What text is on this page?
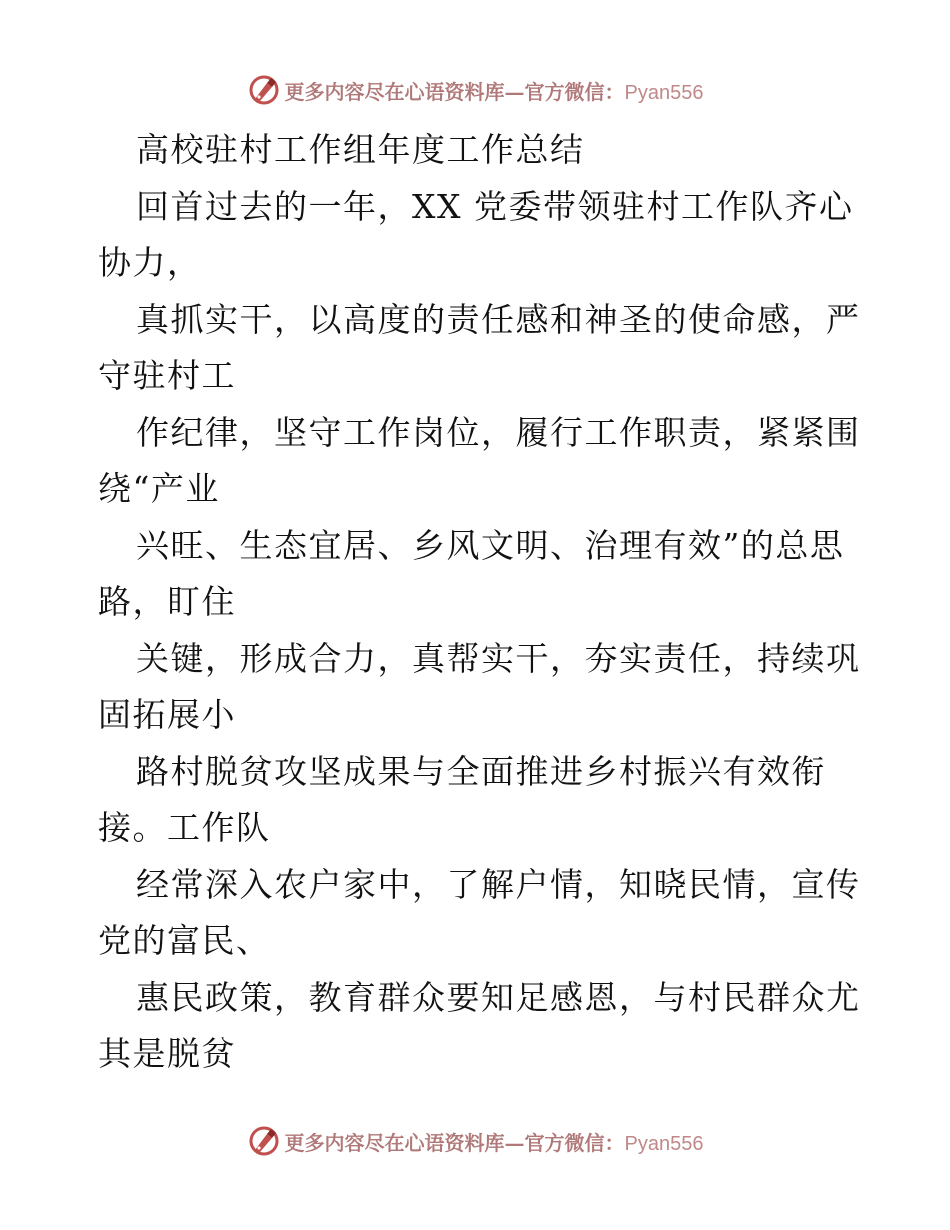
更多内容尽在心语资料库—官方微信：Pyan556
高校驻村工作组年度工作总结
回首过去的一年，XX 党委带领驻村工作队齐心
协力，
真抓实干，以高度的责任感和神圣的使命感，严
守驻村工
作纪律，坚守工作岗位，履行工作职责，紧紧围
绕“产业
兴旺、生态宜居、乡风文明、治理有效”的总思
路，盯住
关键，形成合力，真帮实干，夯实责任，持续巩
固拓展小
路村脱贫攻坚成果与全面推进乡村振兴有效衔
接。工作队
经常深入农户家中，了解户情，知晓民情，宣传
党的富民、
惠民政策，教育群众要知足感恩，与村民群众尤
其是脱贫
更多内容尽在心语资料库—官方微信：Pyan556
